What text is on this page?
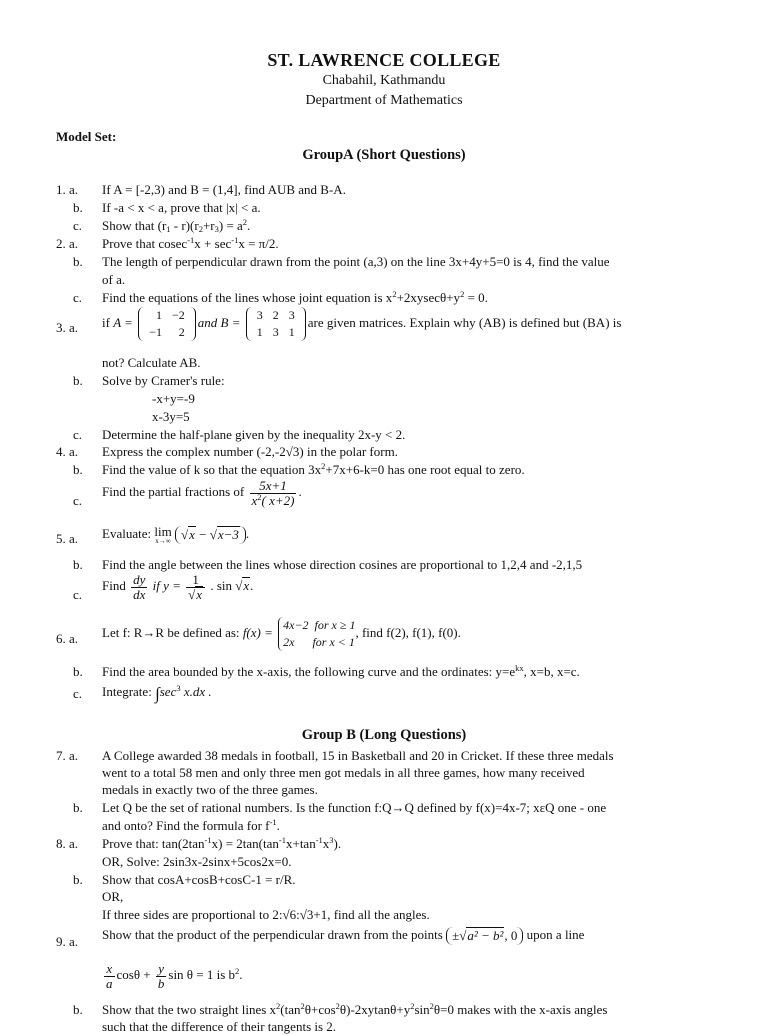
ST. LAWRENCE COLLEGE
Chabahil, Kathmandu
Department of Mathematics
Model Set:
GroupA (Short Questions)
1. a. If A = [-2,3) and B = (1,4], find AUB and B-A.
b. If -a < x < a, prove that |x| < a.
c. Show that $(r_1 - r)(r_2+r_3) = a^2$.
2. a. Prove that $cosec^{-1}x + \sec^{-1}x = \pi/2$.
b. The length of perpendicular drawn from the point (a,3) on the line 3x+4y+5=0 is 4, find the value
of a.
c. Find the equations of the lines whose joint equation is $x^2+2xysec\theta+y^2 = 0$.
3. a. if A = 1	−2
−1	2
and B = 3	2	3
1	3	1
are given matrices. Explain why (AB) is defined but (BA) is
not? Calculate AB.
b. Solve by Cramer's rule:
-x+y=-9
x-3y=5
c. Determine the half-plane given by the inequality 2x-y < 2.
4. a. Express the complex number (-2,-2√3) in the polar form.
b. Find the value of k so that the equation $3x^2+7x+6-k=0$ has one root equal to zero.
c.
Find the partial fractions of $\frac{5x+1}{x^2( x+2)}$ .
5. a. Evaluate: lim
x→∞ √x − √x−3 .
b. Find the angle between the lines whose direction cosines are proportional to 1,2,4 and -2,1,5
c.
Find $\frac{dy}{dx}$ if $y = \frac{1}{√x}$ . sin √x.
6. a. Let f: R→R be defined as: f(x) = 4x−2  for x ≥ 1
2x      for x < 1
, find f(2), f(1), f(0).
b. Find the area bounded by the x-axis, the following curve and the ordinates: $y=e^{kx}$, x=b, x=c.
c. Integrate: $\int\sec^3$ x.dx .
Group B (Long Questions)
7. a. A College awarded 38 medals in football, 15 in Basketball and 20 in Cricket. If these three medals
went to a total 58 men and only three men got medals in all three games, how many received
medals in exactly two of the three games.
b. Let Q be the set of rational numbers. Is the function f:Q→Q defined by f(x)=4x-7; xεQ one - one
and onto? Find the formula for $f^{-1}$.
8. a. Prove that: $\tan(2\tan^{-1}x) = 2\tan(\tan^{-1}x+\tan^{-1}x^3)$.
OR, Solve: 2sin3x-2sinx+5cos2x=0.
b. Show that cosA+cosB+cosC-1 = r/R.
OR,
If three sides are proportional to 2:√6:√3+1, find all the angles.
9. a. Show that the product of the perpendicular drawn from the points ±√a² − b², 0 upon a line
$\frac{x}{a}$ $\cos\theta + \frac{y}{b}$ sin θ = 1 is $b^2$.
b. Show that the two straight lines $x^2(\tan^2\theta+\cos^2\theta)-2xytan\theta+y^2\sin^2\theta=0$ makes with the x-axis angles
such that the difference of their tangents is 2.
